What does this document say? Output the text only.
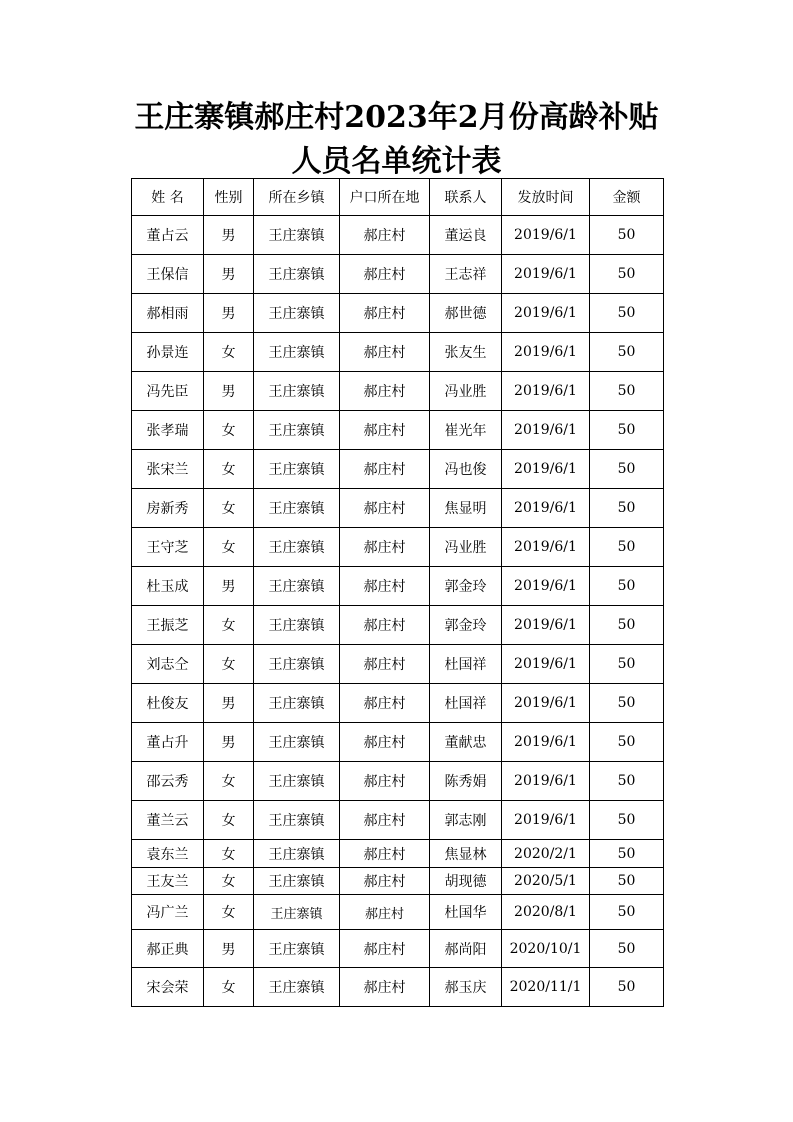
王庄寨镇郝庄村2023年2月份高龄补贴
人员名单统计表
姓 名	性别	所在乡镇	户口所在地	联系人	发放时间	金额
董占云	男	王庄寨镇	郝庄村	董运良	2019/6/1	50
王保信	男	王庄寨镇	郝庄村	王志祥	2019/6/1	50
郝相雨	男	王庄寨镇	郝庄村	郝世德	2019/6/1	50
孙景连	女	王庄寨镇	郝庄村	张友生	2019/6/1	50
冯先臣	男	王庄寨镇	郝庄村	冯业胜	2019/6/1	50
张孝瑞	女	王庄寨镇	郝庄村	崔光年	2019/6/1	50
张宋兰	女	王庄寨镇	郝庄村	冯也俊	2019/6/1	50
房新秀	女	王庄寨镇	郝庄村	焦显明	2019/6/1	50
王守芝	女	王庄寨镇	郝庄村	冯业胜	2019/6/1	50
杜玉成	男	王庄寨镇	郝庄村	郭金玲	2019/6/1	50
王振芝	女	王庄寨镇	郝庄村	郭金玲	2019/6/1	50
刘志仝	女	王庄寨镇	郝庄村	杜国祥	2019/6/1	50
杜俊友	男	王庄寨镇	郝庄村	杜国祥	2019/6/1	50
董占升	男	王庄寨镇	郝庄村	董献忠	2019/6/1	50
邵云秀	女	王庄寨镇	郝庄村	陈秀娟	2019/6/1	50
董兰云	女	王庄寨镇	郝庄村	郭志刚	2019/6/1	50
袁东兰	女	王庄寨镇	郝庄村	焦显林	2020/2/1	50
王友兰	女	王庄寨镇	郝庄村	胡现德	2020/5/1	50
冯广兰	女	王庄寨镇	郝庄村	杜国华	2020/8/1	50
郝正典	男	王庄寨镇	郝庄村	郝尚阳	2020/10/1	50
宋会荣	女	王庄寨镇	郝庄村	郝玉庆	2020/11/1	50
